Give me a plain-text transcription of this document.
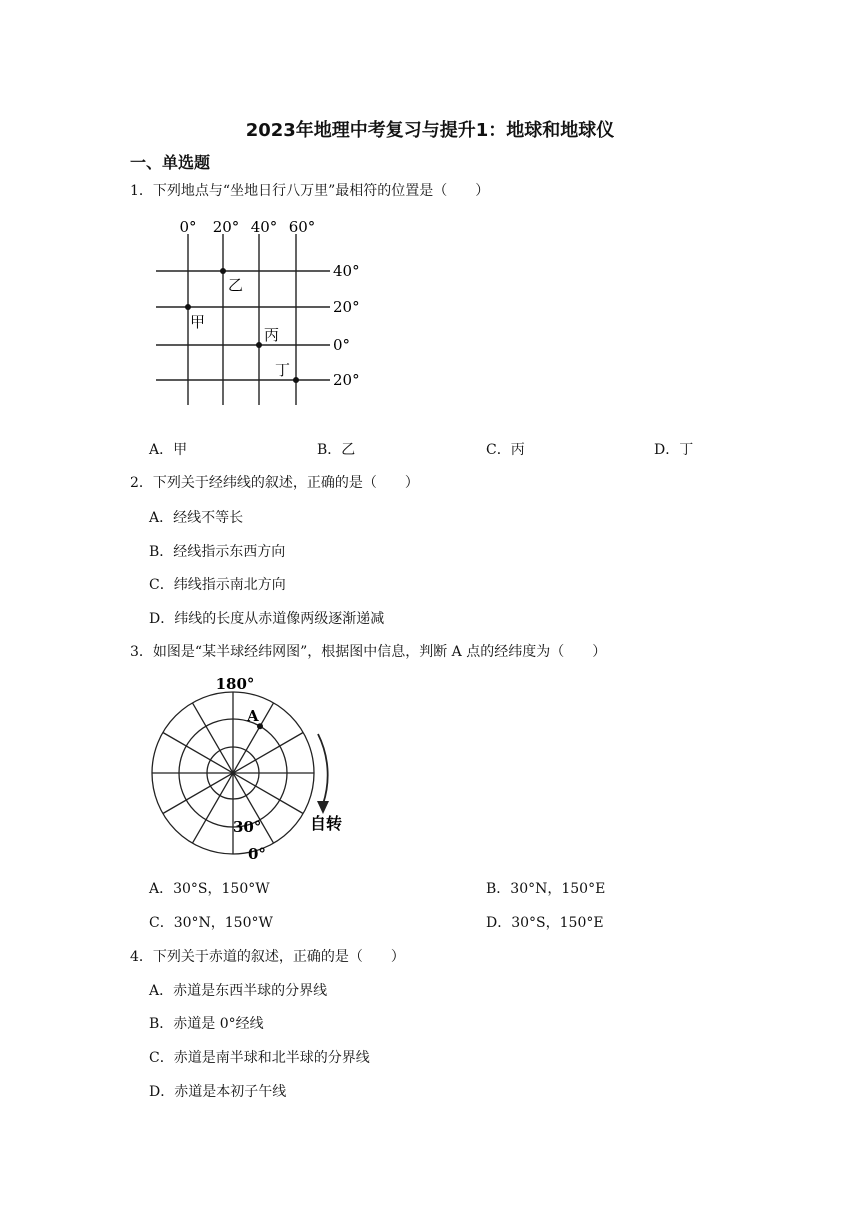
2023年地理中考复习与提升1：地球和地球仪
一、单选题
1．下列地点与“坐地日行八万里”最相符的位置是（　　）
0° 20° 40° 60°
40°
20°
0°
20°
甲
乙
丙
丁
A．甲	B．乙	C．丙	D．丁
2．下列关于经纬线的叙述，正确的是（　　）
A．经线不等长
B．经线指示东西方向
C．纬线指示南北方向
D．纬线的长度从赤道像两级逐渐递减
3．如图是“某半球经纬网图”，根据图中信息，判断 A 点的经纬度为（　　）
A
180°
30°
0°
自转
A．30°S，150°W	B．30°N，150°E
C．30°N，150°W	D．30°S，150°E
4．下列关于赤道的叙述，正确的是（　　）
A．赤道是东西半球的分界线
B．赤道是 0°经线
C．赤道是南半球和北半球的分界线
D．赤道是本初子午线
